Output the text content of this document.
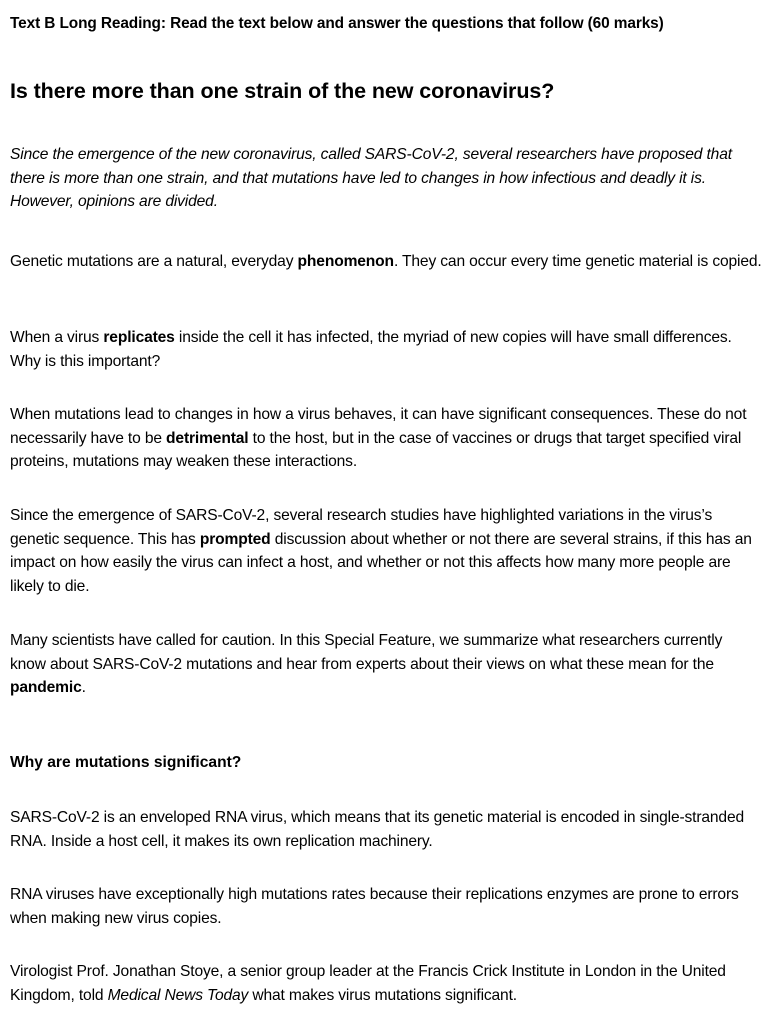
Text B Long Reading: Read the text below and answer the questions that follow (60 marks)
Is there more than one strain of the new coronavirus?

Since the emergence of the new coronavirus, called SARS-CoV-2, several researchers have proposed that there is more than one strain, and that mutations have led to changes in how infectious and deadly it is. However, opinions are divided.

Genetic mutations are a natural, everyday phenomenon. They can occur every time genetic material is copied.

When a virus replicates inside the cell it has infected, the myriad of new copies will have small differences. Why is this important?

When mutations lead to changes in how a virus behaves, it can have significant consequences. These do not necessarily have to be detrimental to the host, but in the case of vaccines or drugs that target specified viral proteins, mutations may weaken these interactions.

Since the emergence of SARS-CoV-2, several research studies have highlighted variations in the virus’s genetic sequence. This has prompted discussion about whether or not there are several strains, if this has an impact on how easily the virus can infect a host, and whether or not this affects how many more people are likely to die.

Many scientists have called for caution. In this Special Feature, we summarize what researchers currently know about SARS-CoV-2 mutations and hear from experts about their views on what these mean for the pandemic.

Why are mutations significant?

SARS-CoV-2 is an enveloped RNA virus, which means that its genetic material is encoded in single-stranded RNA. Inside a host cell, it makes its own replication machinery.

RNA viruses have exceptionally high mutations rates because their replications enzymes are prone to errors when making new virus copies.

Virologist Prof. Jonathan Stoye, a senior group leader at the Francis Crick Institute in London in the United Kingdom, told Medical News Today what makes virus mutations significant.
